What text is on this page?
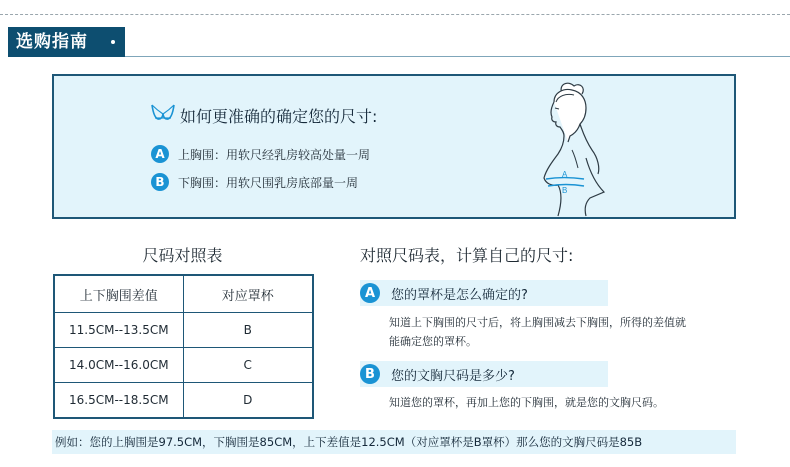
选购指南
如何更准确的确定您的尺寸:
A	上胸围：用软尺经乳房较高处量一周
B	下胸围：用软尺围乳房底部量一周
A
B
尺码对照表
上下胸围差值	对应罩杯
11.5CM--13.5CM	B
14.0CM--16.0CM	C
16.5CM--18.5CM	D
对照尺码表，计算自己的尺寸:
A	您的罩杯是怎么确定的?
知道上下胸围的尺寸后，将上胸围减去下胸围，所得的差值就
能确定您的罩杯。
B	您的文胸尺码是多少?
知道您的罩杯，再加上您的下胸围，就是您的文胸尺码。
例如：您的上胸围是97.5CM，下胸围是85CM，上下差值是12.5CM（对应罩杯是B罩杯）那么您的文胸尺码是85B
